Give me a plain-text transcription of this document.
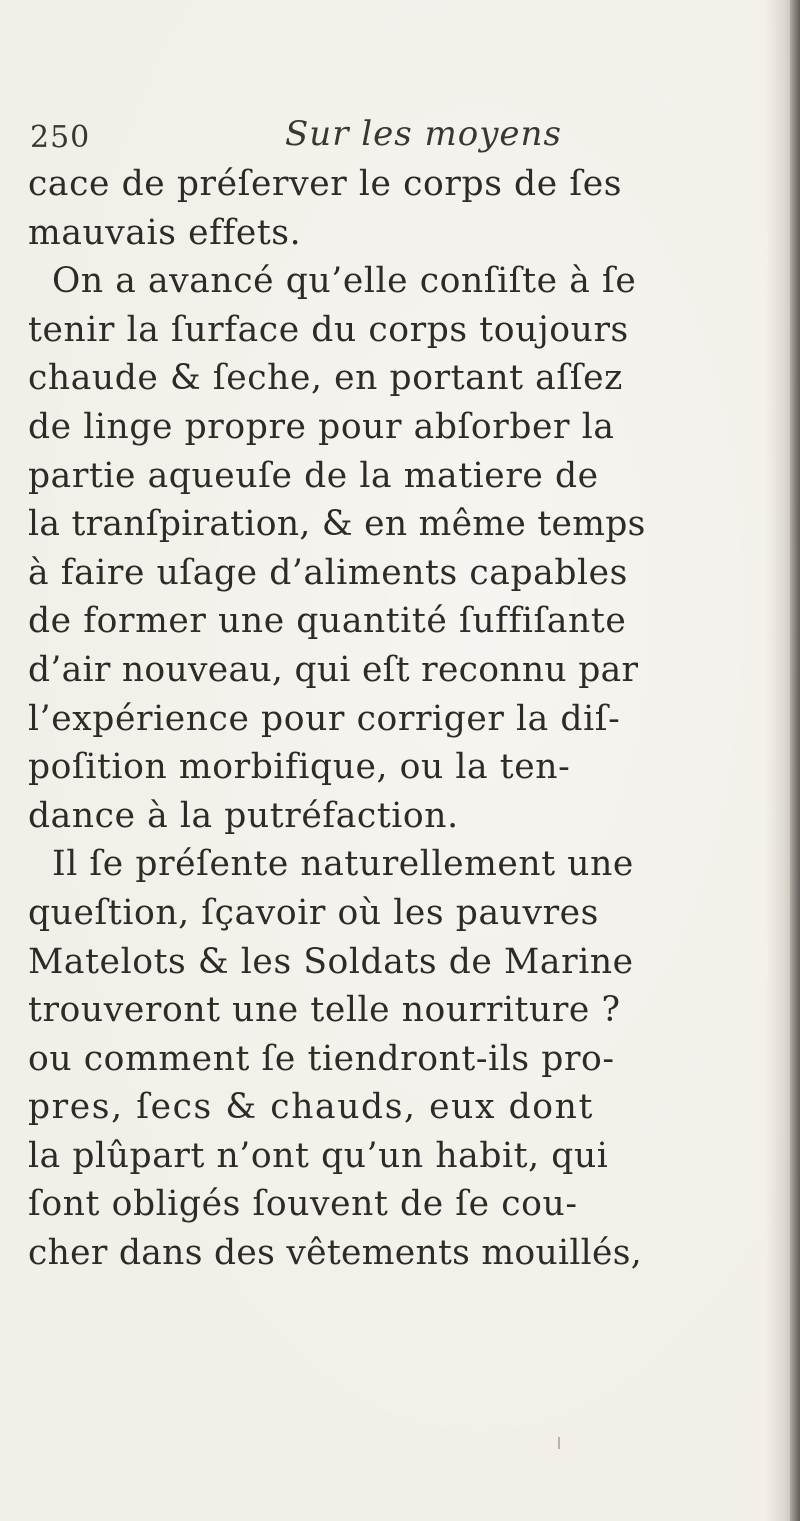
250	Sur les moyens
cace de préſerver le corps de ſes
mauvais effets.
On a avancé qu’elle conſiſte à ſe
tenir la ſurface du corps toujours
chaude & ſeche, en portant aſſez
de linge propre pour abſorber la
partie aqueuſe de la matiere de
la tranſpiration, & en même temps
à faire uſage d’aliments capables
de former une quantité ſuffiſante
d’air nouveau, qui eſt reconnu par
l’expérience pour corriger la diſ-
poſition morbifique, ou la ten-
dance à la putréfaction.
Il ſe préſente naturellement une
queſtion, ſçavoir où les pauvres
Matelots & les Soldats de Marine
trouveront une telle nourriture ?
ou comment ſe tiendront-ils pro-
pres, ſecs & chauds, eux dont
la plûpart n’ont qu’un habit, qui
ſont obligés ſouvent de ſe cou-
cher dans des vêtements mouillés,
